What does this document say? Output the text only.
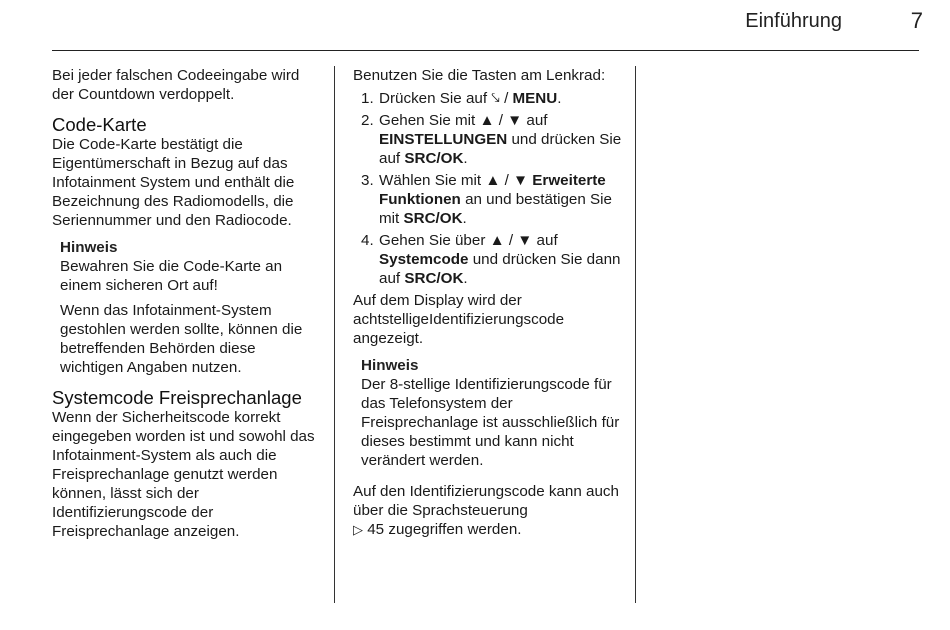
Einführung	7

Bei jeder falschen Codeeingabe wird der Countdown verdoppelt.

Code-Karte

Die Code-Karte bestätigt die Eigentümerschaft in Bezug auf das Infotainment System und enthält die Bezeichnung des Radiomodells, die Seriennummer und den Radiocode.

Hinweis

Bewahren Sie die Code-Karte an einem sicheren Ort auf!

Wenn das Infotainment-System gestohlen werden sollte, können die betreffenden Behörden diese wichtigen Angaben nutzen.

Systemcode Freisprechanlage

Wenn der Sicherheitscode korrekt eingegeben worden ist und sowohl das Infotainment-System als auch die Freisprechanlage genutzt werden können, lässt sich der Identifizierungscode der Freisprechanlage anzeigen.

Benutzen Sie die Tasten am Lenkrad:

1. Drücken Sie auf ⤥ / MENU.
2. Gehen Sie mit ▲ / ▼ auf EINSTELLUNGEN und drücken Sie auf SRC/OK.
3. Wählen Sie mit ▲ / ▼ Erweiterte Funktionen an und bestätigen Sie mit SRC/OK.
4. Gehen Sie über ▲ / ▼ auf Systemcode und drücken Sie dann auf SRC/OK.

Auf dem Display wird der achtstelligeIdentifizierungscode angezeigt.

Hinweis

Der 8-stellige Identifizierungscode für das Telefonsystem der Freisprechanlage ist ausschließlich für dieses bestimmt und kann nicht verändert werden.

Auf den Identifizierungscode kann auch über die Sprachsteuerung
▷ 45 zugegriffen werden.
